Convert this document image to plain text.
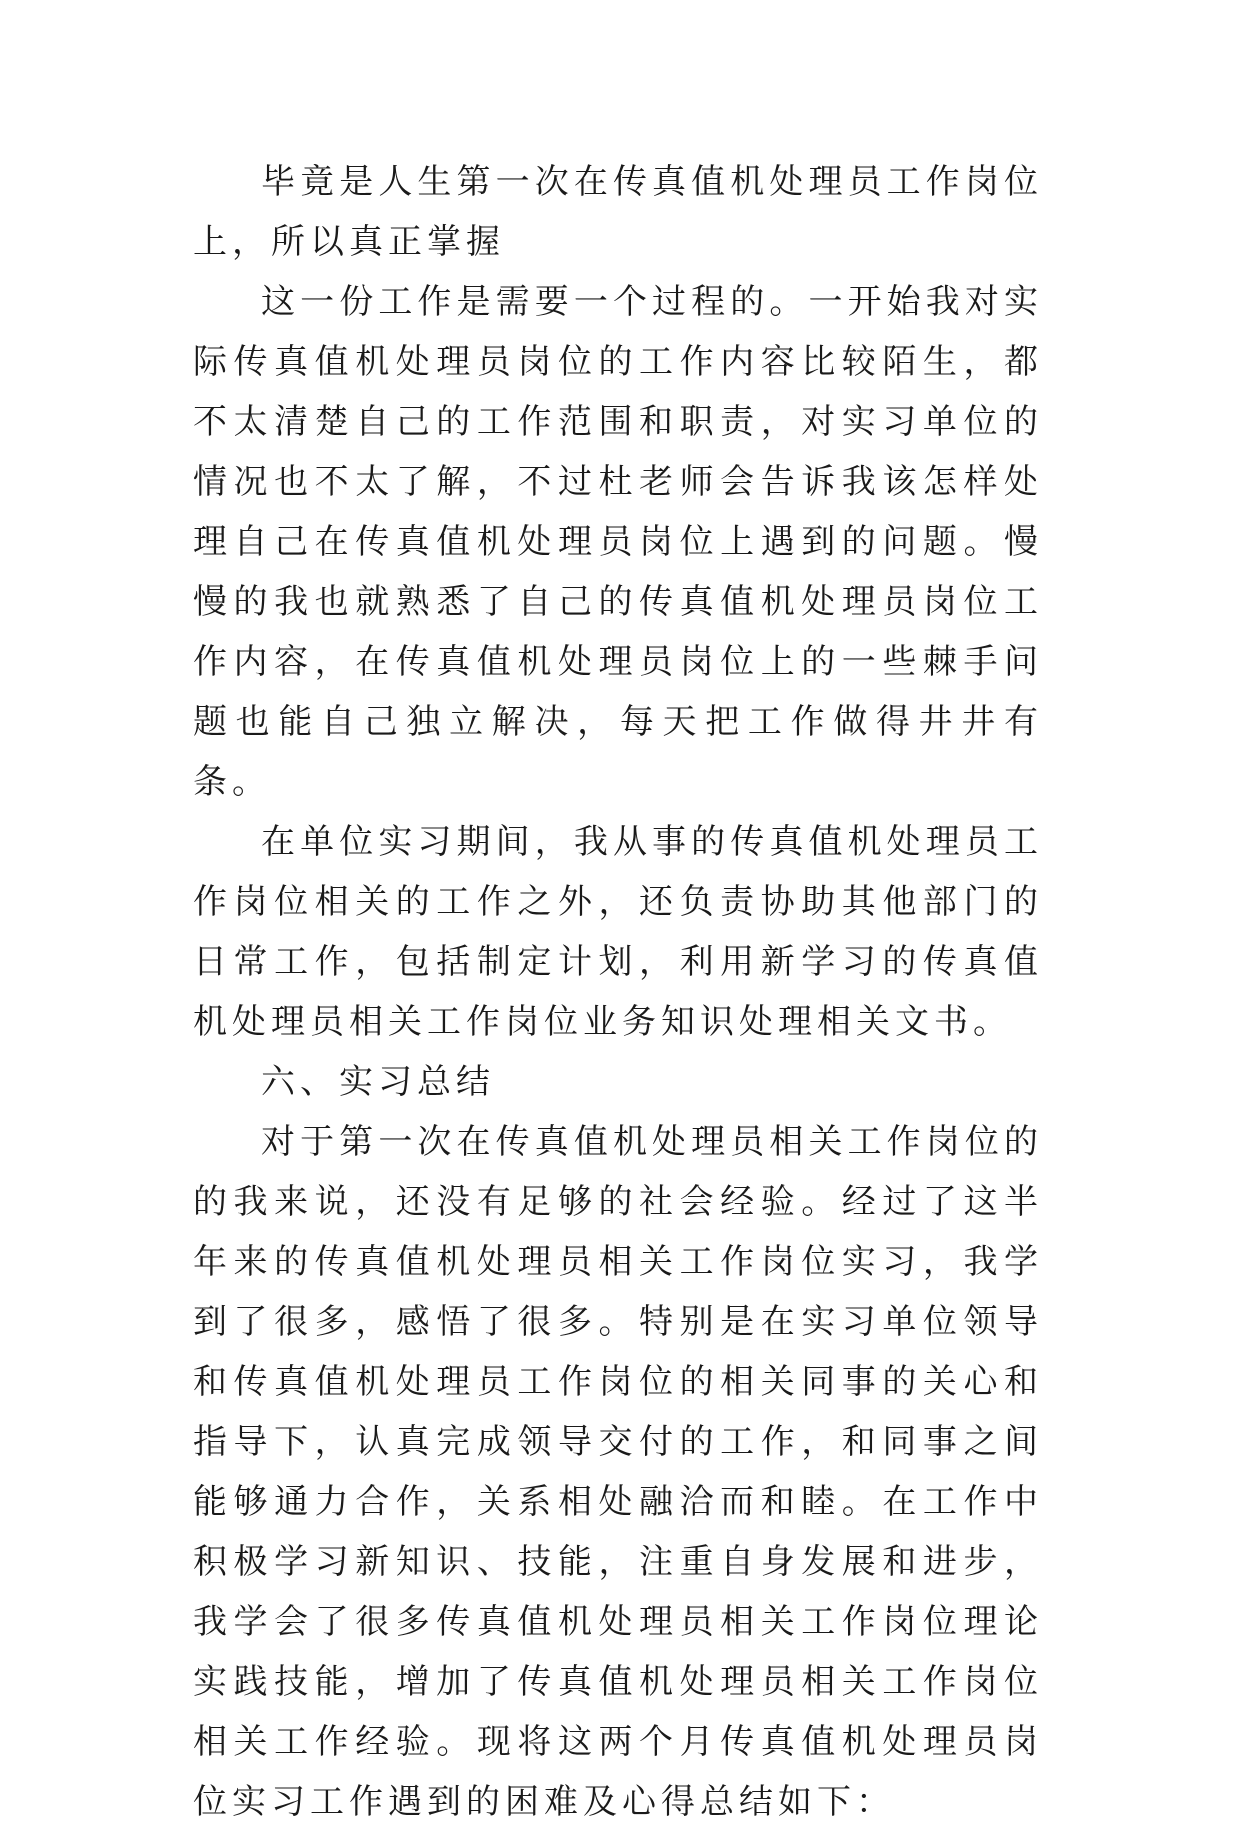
毕竟是人生第一次在传真值机处理员工作岗位上，所以真正掌握

这一份工作是需要一个过程的。一开始我对实际传真值机处理员岗位的工作内容比较陌生，都不太清楚自己的工作范围和职责，对实习单位的情况也不太了解，不过杜老师会告诉我该怎样处理自己在传真值机处理员岗位上遇到的问题。慢慢的我也就熟悉了自己的传真值机处理员岗位工作内容，在传真值机处理员岗位上的一些棘手问题也能自己独立解决，每天把工作做得井井有条。

在单位实习期间，我从事的传真值机处理员工作岗位相关的工作之外，还负责协助其他部门的日常工作，包括制定计划，利用新学习的传真值机处理员相关工作岗位业务知识处理相关文书。

六、实习总结

对于第一次在传真值机处理员相关工作岗位的的我来说，还没有足够的社会经验。经过了这半年来的传真值机处理员相关工作岗位实习，我学到了很多，感悟了很多。特别是在实习单位领导和传真值机处理员工作岗位的相关同事的关心和指导下，认真完成领导交付的工作，和同事之间能够通力合作，关系相处融洽而和睦。在工作中积极学习新知识、技能，注重自身发展和进步，我学会了很多传真值机处理员相关工作岗位理论实践技能，增加了传真值机处理员相关工作岗位相关工作经验。现将这两个月传真值机处理员岗位实习工作遇到的困难及心得总结如下：
